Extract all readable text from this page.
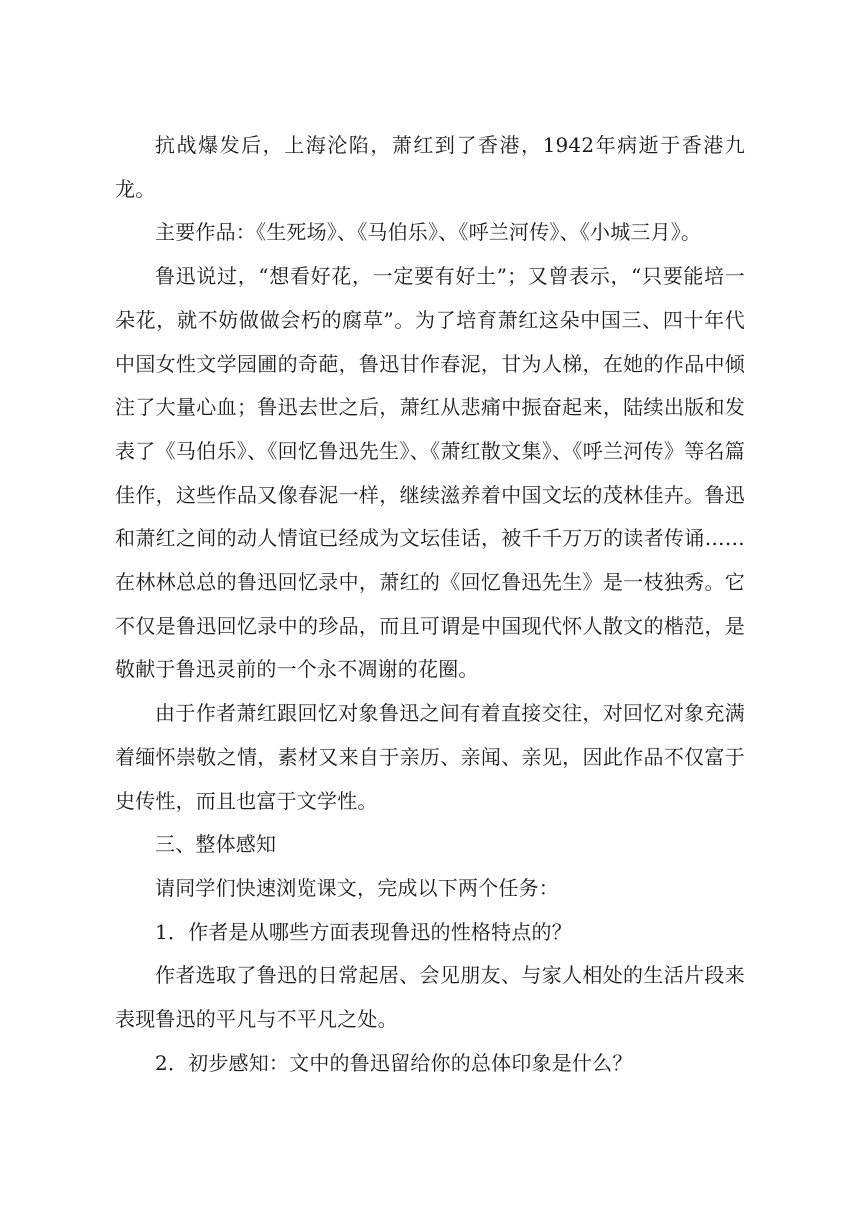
抗战爆发后，上海沦陷，萧红到了香港，1942年病逝于香港九龙。

主要作品：《生死场》、《马伯乐》、《呼兰河传》、《小城三月》。

鲁迅说过，“想看好花，一定要有好土”；又曾表示，“只要能培一朵花，就不妨做做会朽的腐草”。为了培育萧红这朵中国三、四十年代中国女性文学园圃的奇葩，鲁迅甘作春泥，甘为人梯，在她的作品中倾注了大量心血；鲁迅去世之后，萧红从悲痛中振奋起来，陆续出版和发表了《马伯乐》、《回忆鲁迅先生》、《萧红散文集》、《呼兰河传》等名篇佳作，这些作品又像春泥一样，继续滋养着中国文坛的茂林佳卉。鲁迅和萧红之间的动人情谊已经成为文坛佳话，被千千万万的读者传诵……在林林总总的鲁迅回忆录中，萧红的《回忆鲁迅先生》是一枝独秀。它不仅是鲁迅回忆录中的珍品，而且可谓是中国现代怀人散文的楷范，是敬献于鲁迅灵前的一个永不凋谢的花圈。

由于作者萧红跟回忆对象鲁迅之间有着直接交往，对回忆对象充满着缅怀崇敬之情，素材又来自于亲历、亲闻、亲见，因此作品不仅富于史传性，而且也富于文学性。

三、整体感知

请同学们快速浏览课文，完成以下两个任务：

1．作者是从哪些方面表现鲁迅的性格特点的？

作者选取了鲁迅的日常起居、会见朋友、与家人相处的生活片段来表现鲁迅的平凡与不平凡之处。

2．初步感知：文中的鲁迅留给你的总体印象是什么？
